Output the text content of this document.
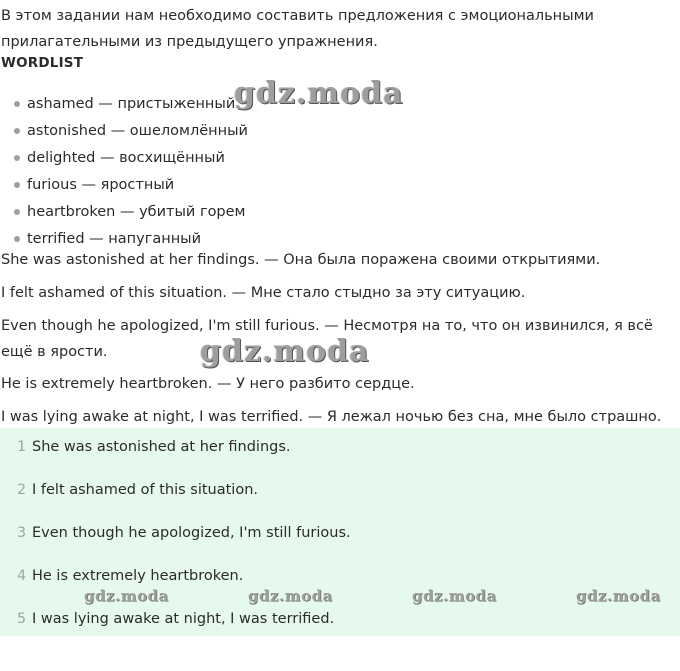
В этом задании нам необходимо составить предложения с эмоциональными прилагательными из предыдущего упражнения.
WORDLIST
ashamed — пристыженный
astonished — ошеломлённый
delighted — восхищённый
furious — яростный
heartbroken — убитый горем
terrified — напуганный

She was astonished at her findings. — Она была поражена своими открытиями.

I felt ashamed of this situation. — Мне стало стыдно за эту ситуацию.

Even though he apologized, I'm still furious. — Несмотря на то, что он извинился, я всё ещё в ярости.

He is extremely heartbroken. — У него разбито сердце.

I was lying awake at night, I was terrified. — Я лежал ночью без сна, мне было страшно.

1 She was astonished at her findings.
2 I felt ashamed of this situation.
3 Even though he apologized, I'm still furious.
4 He is extremely heartbroken.
5 I was lying awake at night, I was terrified.
gdz.moda
gdz.moda
gdz.moda	gdz.moda	gdz.moda	gdz.moda
